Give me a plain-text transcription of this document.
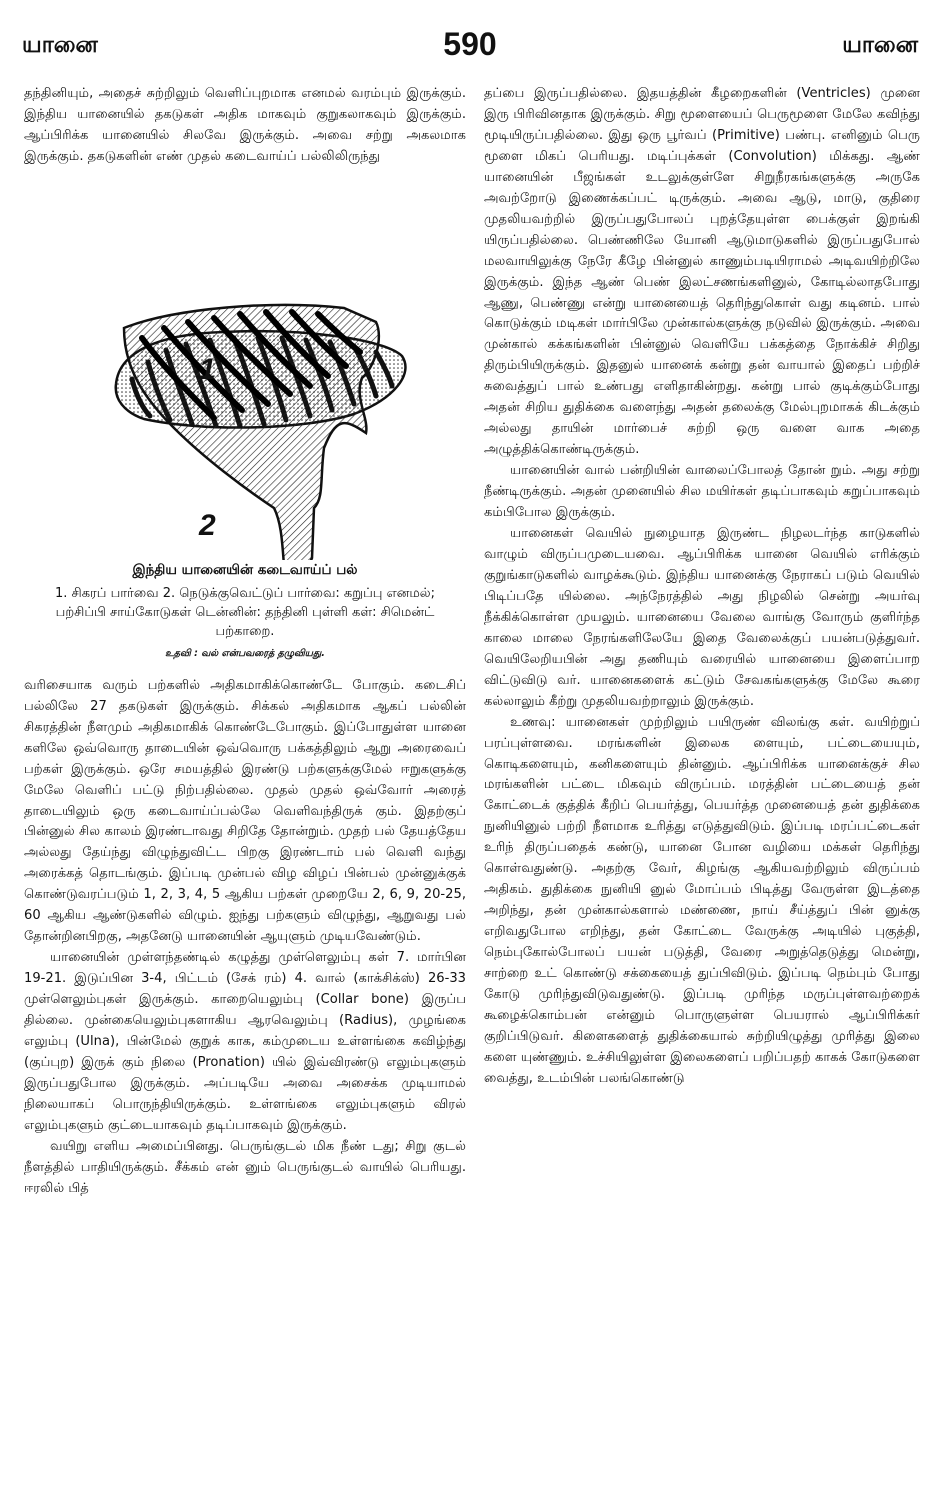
யானை	590	யானை

தந்தினியும், அதைச் சுற்றிலும் வெளிப்புறமாக எனமல் வரம்பும் இருக்கும். இந்திய யானையில் தகடுகள் அதிக மாகவும் குறுகலாகவும் இருக்கும். ஆப்பிரிக்க யானையில் சிலவே இருக்கும். அவை சற்று அகலமாக இருக்கும். தகடுகளின் எண் முதல் கடைவாய்ப் பல்லிலிருந்து

1
2
இந்திய யானையின் கடைவாய்ப் பல்
1. சிகரப் பார்வை 2. நெடுக்குவெட்டுப் பார்வை: கறுப்பு எனமல்; பற்சிப்பி சாய்கோடுகள் டென்னின்: தந்தினி புள்ளி கள்: சிமென்ட் பற்காறை.
உதவி : வல் என்பவரைத் தழுவியது.

வரிசையாக வரும் பற்களில் அதிகமாகிக்கொண்டே போகும். கடைசிப் பல்லிலே 27 தகடுகள் இருக்கும். சிக்கல் அதிகமாக ஆகப் பல்லின் சிகரத்தின் நீளமும் அதிகமாகிக் கொண்டேபோகும். இப்போதுள்ள யானை களிலே ஒவ்வொரு தாடையின் ஒவ்வொரு பக்கத்திலும் ஆறு அரைவைப் பற்கள் இருக்கும். ஒரே சமயத்தில் இரண்டு பற்களுக்குமேல் ஈறுகளுக்கு மேலே வெளிப் பட்டு நிற்பதில்லை. முதல் முதல் ஒவ்வோர் அரைத் தாடையிலும் ஒரு கடைவாய்ப்பல்லே வெளிவந்திருக் கும். இதற்குப் பின்னுல் சில காலம் இரண்டாவது சிறிதே தோன்றும். முதற் பல் தேயத்தேய அல்லது தேய்ந்து விழுந்துவிட்ட பிறகு இரண்டாம் பல் வெளி வந்து அரைக்கத் தொடங்கும். இப்படி முன்பல் விழ விழப் பின்பல் முன்னுக்குக் கொண்டுவரப்படும் 1, 2, 3, 4, 5 ஆகிய பற்கள் முறையே 2, 6, 9, 20-25, 60 ஆகிய ஆண்டுகளில் விழும். ஐந்து பற்களும் விழுந்து, ஆறுவது பல் தோன்றினபிறகு, அதனேடு யானையின் ஆயுளும் முடியவேண்டும்.

யானையின் முள்ளந்தண்டில் கழுத்து முள்ளெலும்பு கள் 7. மார்பின 19-21. இடுப்பின 3-4, பிட்டம் (சேக் ரம்) 4. வால் (காக்சிக்ஸ்) 26-33 முள்ளெலும்புகள் இருக்கும். காறையெலும்பு (Collar bone) இருப்ப தில்லை. முன்கையெலும்புகளாகிய ஆரவெலும்பு (Radius), முழங்கை எலும்பு (Ulna), பின்மேல் குறுக் காக, கம்முடைய உள்ளங்கை கவிழ்ந்து (குப்புற) இருக் கும் நிலை (Pronation) யில் இவ்விரண்டு எலும்புகளும் இருப்பதுபோல இருக்கும். அப்படியே அவை அசைக்க முடியாமல் நிலையாகப் பொருந்தியிருக்கும். உள்ளங்கை எலும்புகளும் விரல் எலும்புகளும் குட்டையாகவும் தடிப்பாகவும் இருக்கும்.

வயிறு எளிய அமைப்பினது. பெருங்குடல் மிக நீண் டது; சிறு குடல் நீளத்தில் பாதியிருக்கும். சீக்கம் என் னும் பெருங்குடல் வாயில் பெரியது. ஈரலில் பித்

தப்பை இருப்பதில்லை. இதயத்தின் கீழறைகளின் (Ventricles) முனை இரு பிரிவினதாக இருக்கும். சிறு மூளையைப் பெருமூளை மேலே கவிந்து மூடியிருப்பதில்லை. இது ஒரு பூர்வப் (Primitive) பண்பு. எனினும் பெரு மூளை மிகப் பெரியது. மடிப்புக்கள் (Convolution) மிக்கது. ஆண் யானையின் பீஜங்கள் உடலுக்குள்ளே சிறுநீரகங்களுக்கு அருகே அவற்றோடு இணைக்கப்பட் டிருக்கும். அவை ஆடு, மாடு, குதிரை முதலியவற்றில் இருப்பதுபோலப் புறத்தேயுள்ள பைக்குள் இறங்கி யிருப்பதில்லை. பெண்ணிலே யோனி ஆடுமாடுகளில் இருப்பதுபோல் மலவாயிலுக்கு நேரே கீழே பின்னுல் காணும்படியிராமல் அடிவயிற்றிலே இருக்கும். இந்த ஆண் பெண் இலட்சணங்களினுல், கோடில்லாதபோது ஆணு, பெண்ணு என்று யானையைத் தெரிந்துகொள் வது கடினம். பால் கொடுக்கும் மடிகள் மார்பிலே முன்கால்களுக்கு நடுவில் இருக்கும். அவை முன்கால் கக்கங்களின் பின்னுல் வெளியே பக்கத்தை நோக்கிச் சிறிது திரும்பியிருக்கும். இதனுல் யானைக் கன்று தன் வாயால் இதைப் பற்றிச் சுவைத்துப் பால் உண்பது எளிதாகின்றது. கன்று பால் குடிக்கும்போது அதன் சிறிய துதிக்கை வளைந்து அதன் தலைக்கு மேல்புறமாகக் கிடக்கும் அல்லது தாயின் மார்பைச் சுற்றி ஒரு வளை வாக அதை அழுத்திக்கொண்டிருக்கும்.

யானையின் வால் பன்றியின் வாலைப்போலத் தோன் றும். அது சற்று நீண்டிருக்கும். அதன் முனையில் சில மயிர்கள் தடிப்பாகவும் கறுப்பாகவும் கம்பிபோல இருக்கும்.

யானைகள் வெயில் நுழையாத இருண்ட நிழலடர்ந்த காடுகளில் வாழும் விருப்பமுடையவை. ஆப்பிரிக்க யானை வெயில் எரிக்கும் குறுங்காடுகளில் வாழக்கூடும். இந்திய யானைக்கு நேராகப் படும் வெயில் பிடிப்பதே யில்லை. அந்நேரத்தில் அது நிழலில் சென்று அயர்வு நீக்கிக்கொள்ள முயலும். யானையை வேலை வாங்கு வோரும் குளிர்ந்த காலை மாலை நேரங்களிலேயே இதை வேலைக்குப் பயன்படுத்துவர். வெயிலேறியபின் அது தணியும் வரையில் யானையை இளைப்பாற விட்டுவிடு வர். யானைகளைக் கட்டும் சேவகங்களுக்கு மேலே கூரை கல்லாலும் கீற்று முதலியவற்றாலும் இருக்கும்.

உணவு: யானைகள் முற்றிலும் பயிருண் விலங்கு கள். வயிற்றுப் பரப்புள்ளவை. மரங்களின் இலைக ளையும், பட்டையையும், கொடிகளையும், கனிகளையும் தின்னும். ஆப்பிரிக்க யானைக்குச் சில மரங்களின் பட்டை மிகவும் விருப்பம். மரத்தின் பட்டையைத் தன் கோட்டைக் குத்திக் கீறிப் பெயர்த்து, பெயர்த்த முனையைத் தன் துதிக்கை நுனியினுல் பற்றி நீளமாக உரித்து எடுத்துவிடும். இப்படி மரப்பட்டைகள் உரிந் திருப்பதைக் கண்டு, யானை போன வழியை மக்கள் தெரிந்து கொள்வதுண்டு. அதற்கு வேர், கிழங்கு ஆகியவற்றிலும் விருப்பம் அதிகம். துதிக்கை நுனியி னுல் மோப்பம் பிடித்து வேருள்ள இடத்தை அறிந்து, தன் முன்கால்களால் மண்ணை, நாய் சீய்த்துப் பின் னுக்கு எறிவதுபோல எறிந்து, தன் கோட்டை வேருக்கு அடியில் புகுத்தி, நெம்புகோல்போலப் பயன் படுத்தி, வேரை அறுத்தெடுத்து மென்று, சாற்றை உட் கொண்டு சக்கையைத் துப்பிவிடும். இப்படி நெம்பும் போது கோடு முரிந்துவிடுவதுண்டு. இப்படி முரிந்த மருப்புள்ளவற்றைக் கூழைக்கொம்பன் என்னும் பொருளுள்ள பெயரால் ஆப்பிரிக்கர் குறிப்பிடுவர். கிளைகளைத் துதிக்கையால் சுற்றியிழுத்து முரித்து இலை களை யுண்ணும். உச்சியிலுள்ள இலைகளைப் பறிப்பதற் காகக் கோடுகளை வைத்து, உடம்பின் பலங்கொண்டு
